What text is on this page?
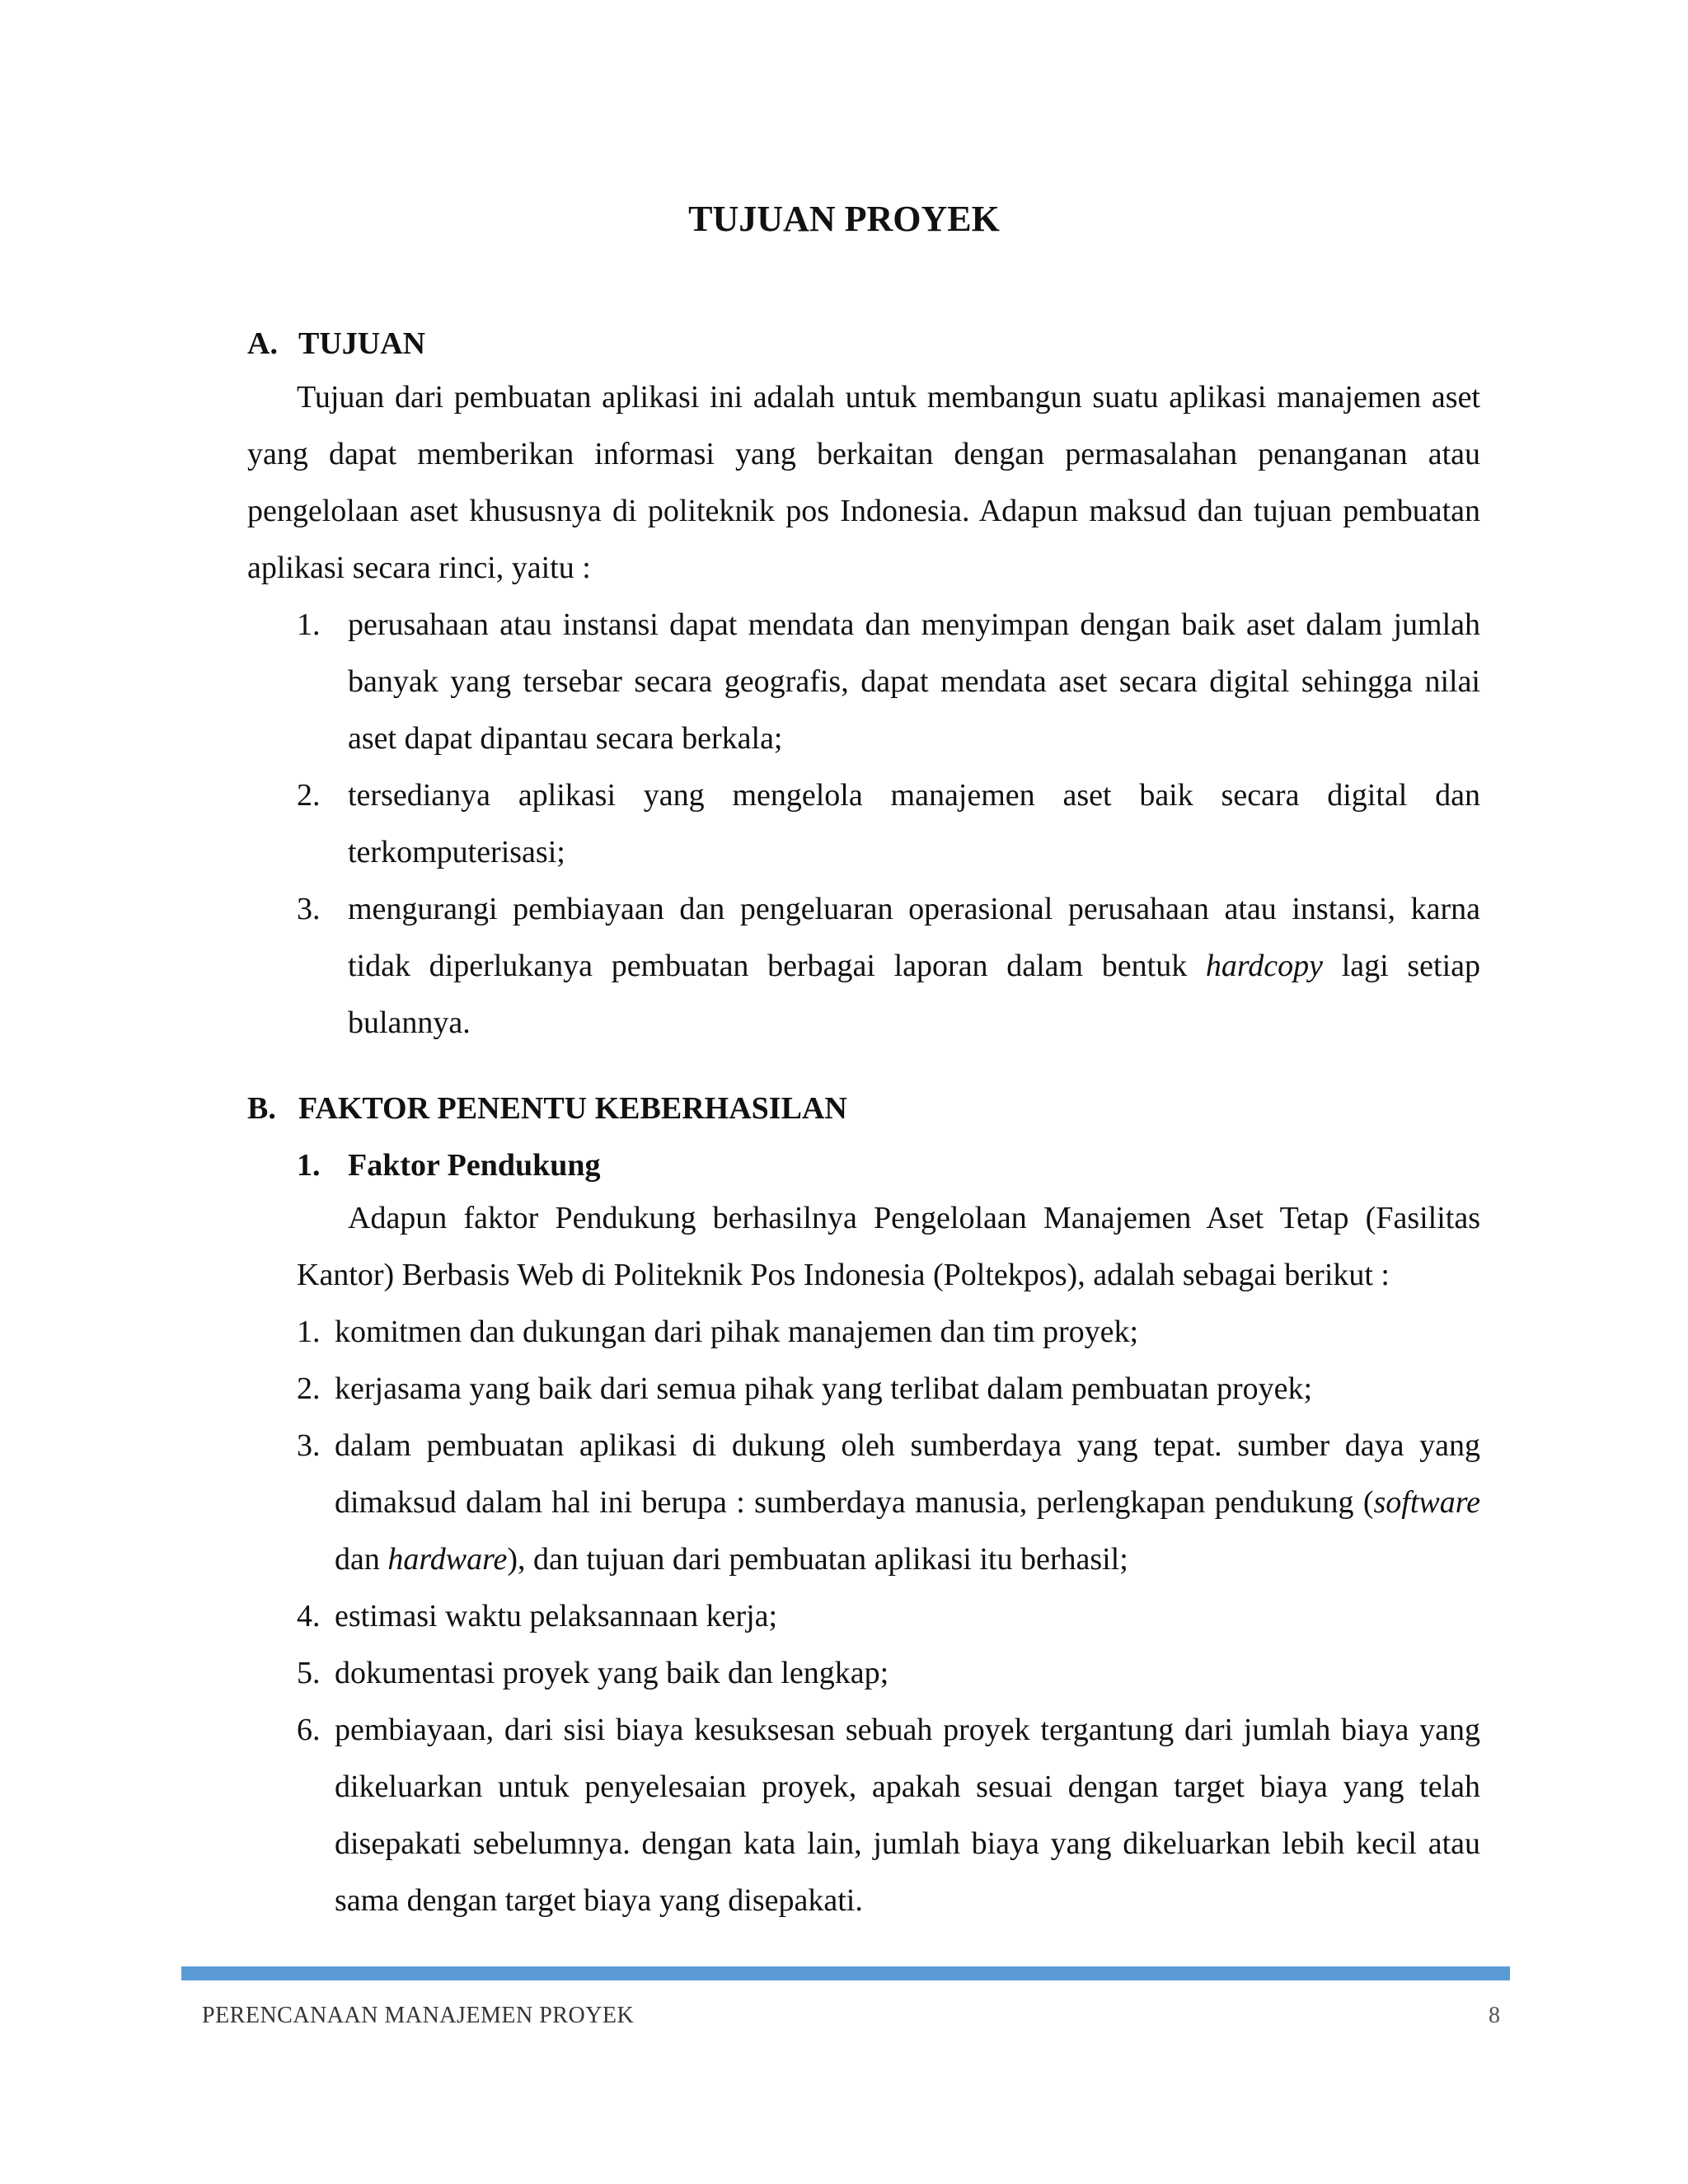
TUJUAN PROYEK
A. TUJUAN

Tujuan dari pembuatan aplikasi ini adalah untuk membangun suatu aplikasi manajemen aset yang dapat memberikan informasi yang berkaitan dengan permasalahan penanganan atau pengelolaan aset khususnya di politeknik pos Indonesia. Adapun maksud dan tujuan pembuatan aplikasi secara rinci, yaitu :

1. perusahaan atau instansi dapat mendata dan menyimpan dengan baik aset dalam jumlah banyak yang tersebar secara geografis, dapat mendata aset secara digital sehingga nilai aset dapat dipantau secara berkala;
2. tersedianya aplikasi yang mengelola manajemen aset baik secara digital dan terkomputerisasi;
3. mengurangi pembiayaan dan pengeluaran operasional perusahaan atau instansi, karna tidak diperlukanya pembuatan berbagai laporan dalam bentuk hardcopy lagi setiap bulannya.
B. FAKTOR PENENTU KEBERHASILAN
1. Faktor Pendukung

Adapun faktor Pendukung berhasilnya Pengelolaan Manajemen Aset Tetap (Fasilitas Kantor) Berbasis Web di Politeknik Pos Indonesia (Poltekpos), adalah sebagai berikut :

1. komitmen dan dukungan dari pihak manajemen dan tim proyek;
2. kerjasama yang baik dari semua pihak yang terlibat dalam pembuatan proyek;
3. dalam pembuatan aplikasi di dukung oleh sumberdaya yang tepat. sumber daya yang dimaksud dalam hal ini berupa : sumberdaya manusia, perlengkapan pendukung (software dan hardware), dan tujuan dari pembuatan aplikasi itu berhasil;
4. estimasi waktu pelaksannaan kerja;
5. dokumentasi proyek yang baik dan lengkap;
6. pembiayaan, dari sisi biaya kesuksesan sebuah proyek tergantung dari jumlah biaya yang dikeluarkan untuk penyelesaian proyek, apakah sesuai dengan target biaya yang telah disepakati sebelumnya. dengan kata lain, jumlah biaya yang dikeluarkan lebih kecil atau sama dengan target biaya yang disepakati.
PERENCANAAN MANAJEMEN PROYEK	8
